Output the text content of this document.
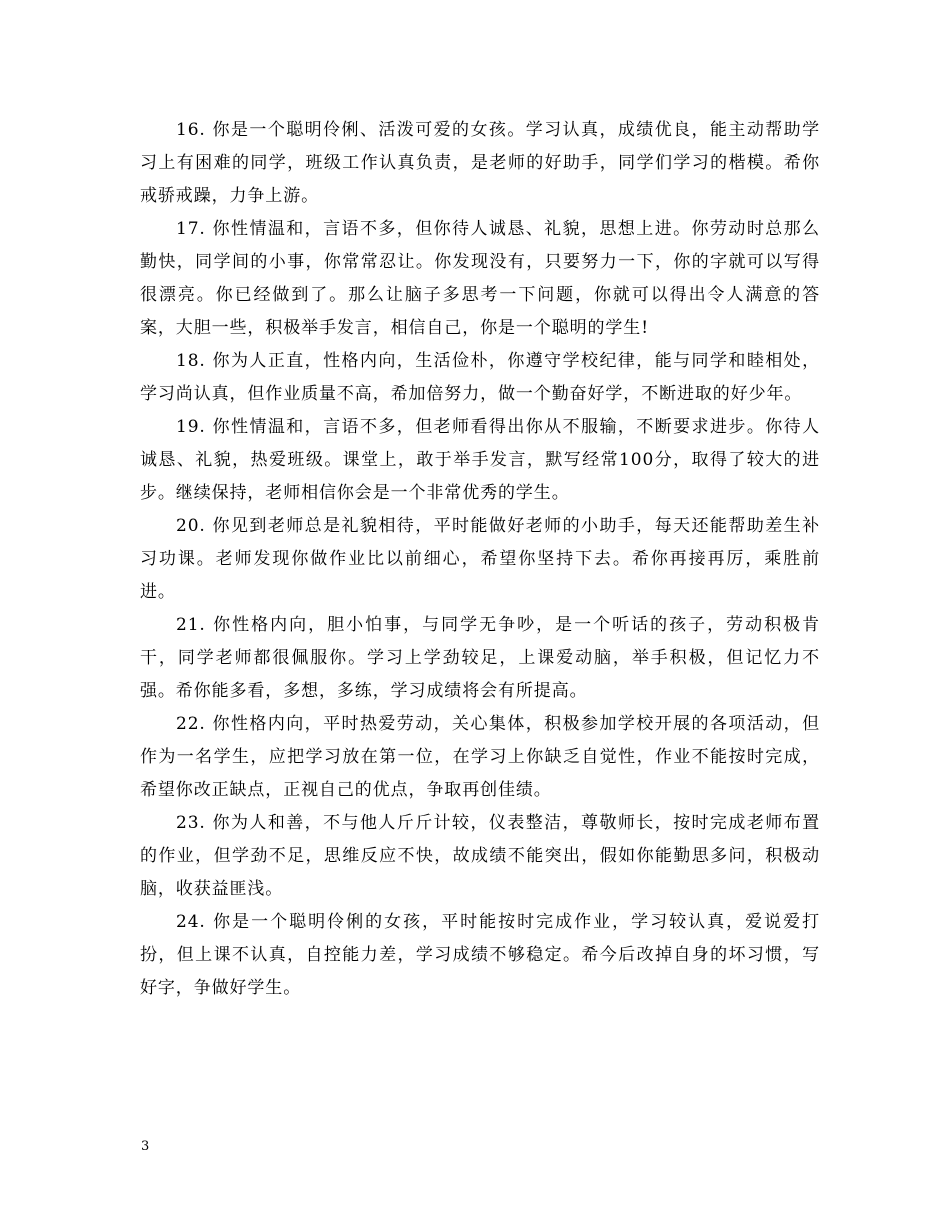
16. 你是一个聪明伶俐、活泼可爱的女孩。学习认真，成绩优良，能主动帮助学习上有困难的同学，班级工作认真负责，是老师的好助手，同学们学习的楷模。希你戒骄戒躁，力争上游。

17. 你性情温和，言语不多，但你待人诚恳、礼貌，思想上进。你劳动时总那么勤快，同学间的小事，你常常忍让。你发现没有，只要努力一下，你的字就可以写得很漂亮。你已经做到了。那么让脑子多思考一下问题，你就可以得出令人满意的答案，大胆一些，积极举手发言，相信自己，你是一个聪明的学生!

18. 你为人正直，性格内向，生活俭朴，你遵守学校纪律，能与同学和睦相处，学习尚认真，但作业质量不高，希加倍努力，做一个勤奋好学，不断进取的好少年。

19. 你性情温和，言语不多，但老师看得出你从不服输，不断要求进步。你待人诚恳、礼貌，热爱班级。课堂上，敢于举手发言，默写经常100分，取得了较大的进步。继续保持，老师相信你会是一个非常优秀的学生。

20. 你见到老师总是礼貌相待，平时能做好老师的小助手，每天还能帮助差生补习功课。老师发现你做作业比以前细心，希望你坚持下去。希你再接再厉，乘胜前进。

21. 你性格内向，胆小怕事，与同学无争吵，是一个听话的孩子，劳动积极肯干，同学老师都很佩服你。学习上学劲较足，上课爱动脑，举手积极，但记忆力不强。希你能多看，多想，多练，学习成绩将会有所提高。

22. 你性格内向，平时热爱劳动，关心集体，积极参加学校开展的各项活动，但作为一名学生，应把学习放在第一位，在学习上你缺乏自觉性，作业不能按时完成，希望你改正缺点，正视自己的优点，争取再创佳绩。

23. 你为人和善，不与他人斤斤计较，仪表整洁，尊敬师长，按时完成老师布置的作业，但学劲不足，思维反应不快，故成绩不能突出，假如你能勤思多问，积极动脑，收获益匪浅。

24. 你是一个聪明伶俐的女孩，平时能按时完成作业，学习较认真，爱说爱打扮，但上课不认真，自控能力差，学习成绩不够稳定。希今后改掉自身的坏习惯，写好字，争做好学生。

3
